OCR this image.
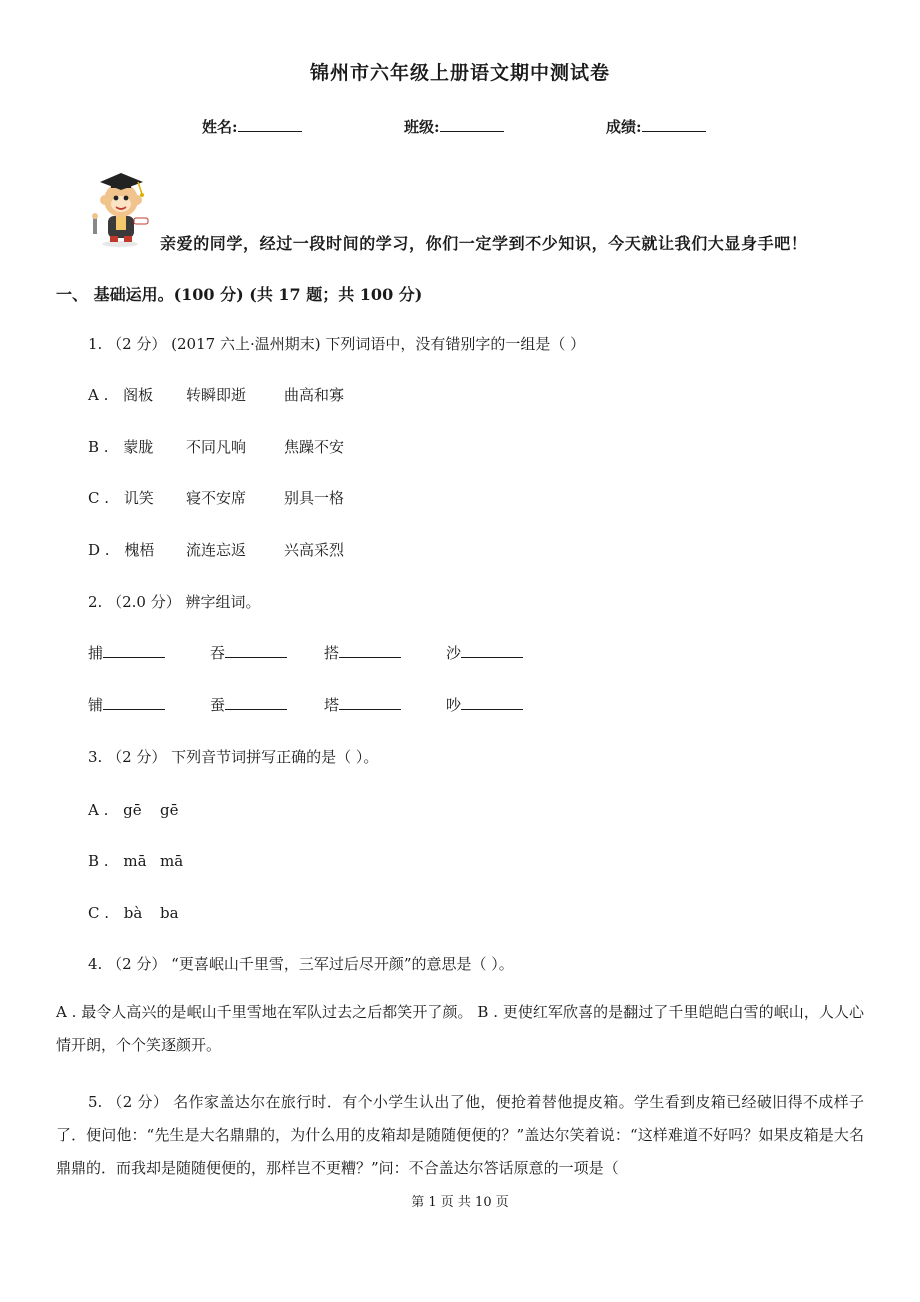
锦州市六年级上册语文期中测试卷
姓名:	班级:	成绩:
亲爱的同学，经过一段时间的学习，你们一定学到不少知识，今天就让我们大显身手吧！
一、 基础运用。(100 分) (共 17 题；共 100 分)
1. （2 分） (2017 六上·温州期末) 下列词语中，没有错别字的一组是（ ）
A . 阁板 转瞬即逝	曲高和寡
B . 蒙胧 不同凡响	焦躁不安
C . 讥笑 寝不安席	别具一格
D . 槐梧 流连忘返	兴高采烈
2. （2.0 分） 辨字组词。
捕	吞	搭	沙
铺	蚕	塔	吵
3. （2 分） 下列音节词拼写正确的是（ ）。
A . gē gē
B . mā mā
C . bà ba
4. （2 分） “更喜岷山千里雪，三军过后尽开颜”的意思是（ ）。
A . 最令人高兴的是岷山千里雪地在军队过去之后都笑开了颜。 B . 更使红军欣喜的是翻过了千里皑皑白雪的岷山，人人心情开朗，个个笑逐颜开。
5. （2 分） 名作家盖达尔在旅行时．有个小学生认出了他，便抢着替他提皮箱。学生看到皮箱已经破旧得不成样子了．便问他：“先生是大名鼎鼎的，为什么用的皮箱却是随随便便的？”盖达尔笑着说：“这样难道不好吗？如果皮箱是大名鼎鼎的．而我却是随随便便的，那样岂不更糟？”问：不合盖达尔答话原意的一项是（
第 1 页 共 10 页
